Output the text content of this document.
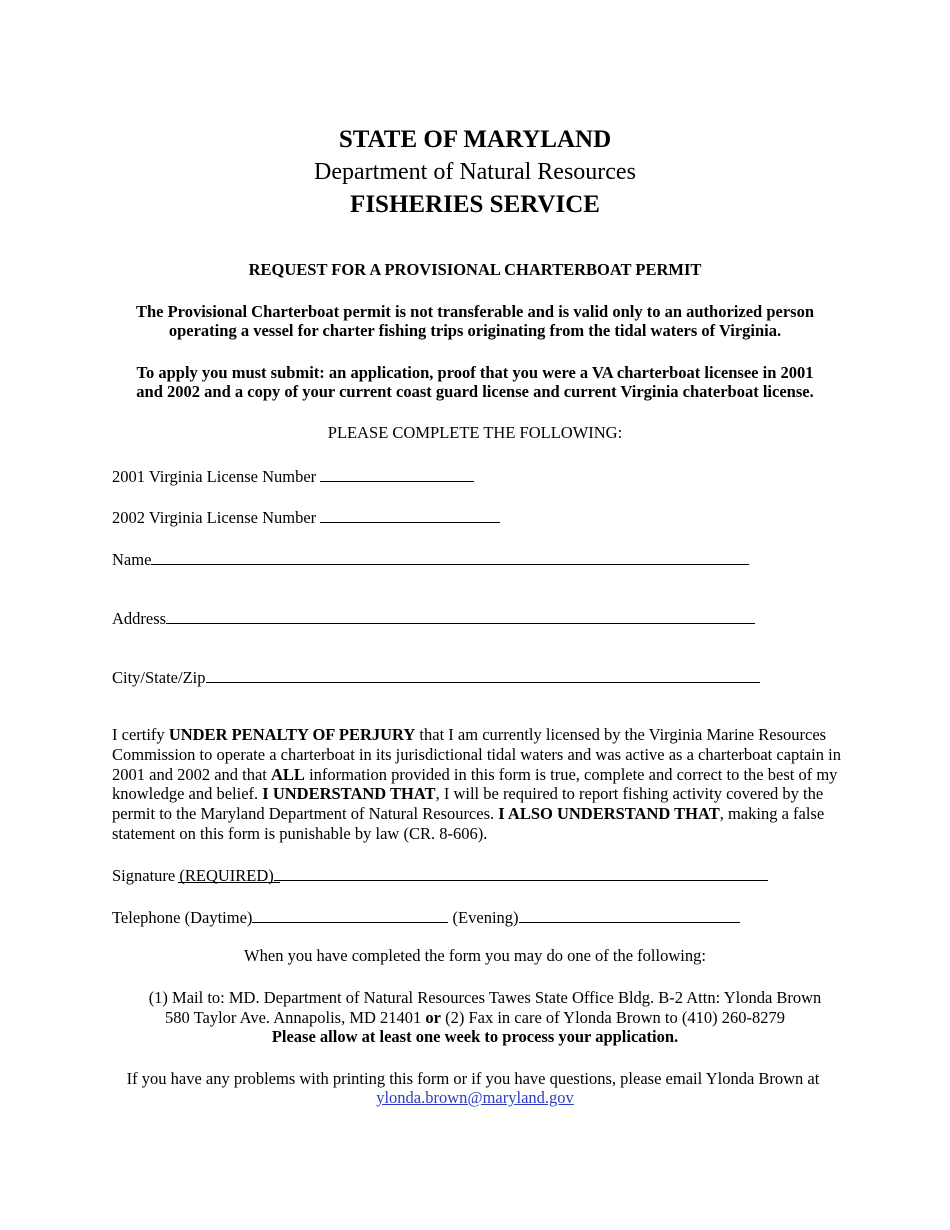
STATE OF MARYLAND
Department of Natural Resources
FISHERIES SERVICE
REQUEST FOR A PROVISIONAL CHARTERBOAT PERMIT
The Provisional Charterboat permit is not transferable and is valid only to an authorized person
operating a vessel for charter fishing trips originating from the tidal waters of Virginia.
To apply you must submit: an application, proof that you were a VA charterboat licensee in 2001
and 2002 and a copy of your current coast guard license and current Virginia chaterboat license.
PLEASE COMPLETE THE FOLLOWING:
2001 Virginia License Number
2002 Virginia License Number
Name
Address
City/State/Zip
I certify UNDER PENALTY OF PERJURY that I am currently licensed by the Virginia Marine Resources Commission to operate a charterboat in its jurisdictional tidal waters and was active as a charterboat captain in 2001 and 2002 and that ALL information provided in this form is true, complete and correct to the best of my knowledge and belief. I UNDERSTAND THAT, I will be required to report fishing activity covered by the permit to the Maryland Department of Natural Resources. I ALSO UNDERSTAND THAT, making a false statement on this form is punishable by law (CR. 8-606).
Signature (REQUIRED)
Telephone (Daytime)	(Evening)
When you have completed the form you may do one of the following:
(1) Mail to: MD. Department of Natural Resources Tawes State Office Bldg. B-2 Attn: Ylonda Brown
580 Taylor Ave. Annapolis, MD 21401 or (2) Fax in care of Ylonda Brown to (410) 260-8279
Please allow at least one week to process your application.
If you have any problems with printing this form or if you have questions, please email Ylonda Brown at
ylonda.brown@maryland.gov
